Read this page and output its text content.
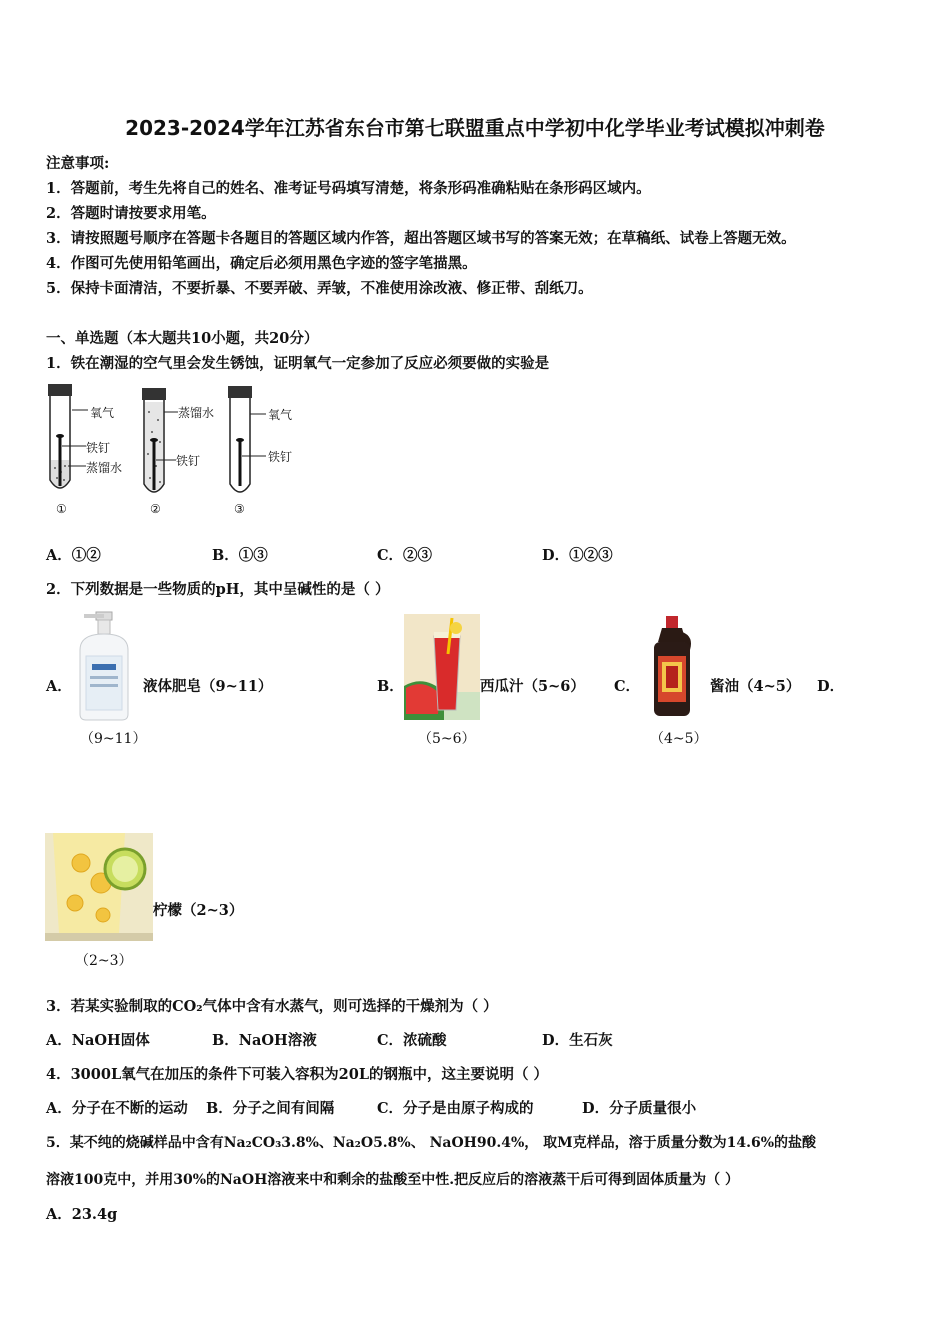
2023-2024学年江苏省东台市第七联盟重点中学初中化学毕业考试模拟冲刺卷
注意事项:
1．答题前，考生先将自己的姓名、准考证号码填写清楚，将条形码准确粘贴在条形码区域内。
2．答题时请按要求用笔。
3．请按照题号顺序在答题卡各题目的答题区域内作答，超出答题区域书写的答案无效；在草稿纸、试卷上答题无效。
4．作图可先使用铅笔画出，确定后必须用黑色字迹的签字笔描黑。
5．保持卡面清洁，不要折暴、不要弄破、弄皱，不准使用涂改液、修正带、刮纸刀。
一、单选题（本大题共10小题，共20分）
1．铁在潮湿的空气里会发生锈蚀，证明氧气一定参加了反应必须要做的实验是
氧气
铁钉
蒸馏水
①
蒸馏水
铁钉
②
氧气
铁钉
③
A．①②	B．①③	C．②③	D．①②③
2．下列数据是一些物质的pH，其中呈碱性的是（ ）
A．	液体肥皂（9~11）
（9~11）
B．	西瓜汁（5~6）
（5~6）
C．	酱油（4~5）
（4~5）
D．
柠檬（2~3）
（2~3）
3．若某实验制取的CO₂气体中含有水蒸气，则可选择的干燥剂为（ ）
A．NaOH固体	B．NaOH溶液	C．浓硫酸	D．生石灰
4．3000L氧气在加压的条件下可装入容积为20L的钢瓶中，这主要说明（ ）
A．分子在不断的运动 B．分子之间有间隔	C．分子是由原子构成的	D．分子质量很小
5．某不纯的烧碱样品中含有Na₂CO₃3.8%、Na₂O5.8%、 NaOH90.4%， 取M克样品，溶于质量分数为14.6%的盐酸
溶液100克中，并用30%的NaOH溶液来中和剩余的盐酸至中性.把反应后的溶液蒸干后可得到固体质量为（ ）
A．23.4g
